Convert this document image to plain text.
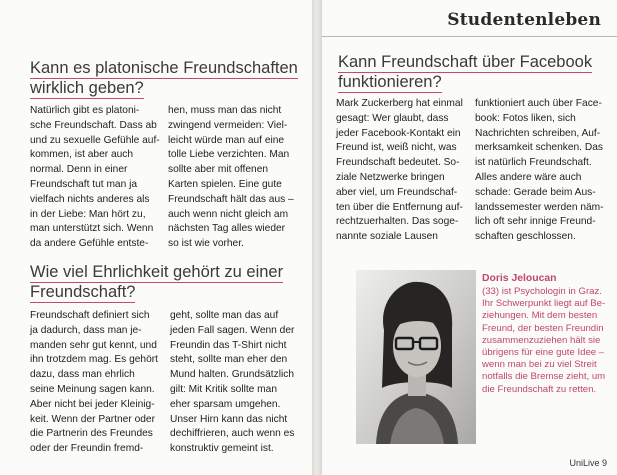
Kann es platonische Freundschaften
wirklich geben?
Natürlich gibt es platoni-
sche Freundschaft. Dass ab
und zu sexuelle Gefühle auf-
kommen, ist aber auch
normal. Denn in einer
Freundschaft tut man ja
vielfach nichts anderes als
in der Liebe: Man hört zu,
man unterstützt sich. Wenn
da andere Gefühle entste-
hen, muss man das nicht
zwingend vermeiden: Viel-
leicht würde man auf eine
tolle Liebe verzichten. Man
sollte aber mit offenen
Karten spielen. Eine gute
Freundschaft hält das aus –
auch wenn nicht gleich am
nächsten Tag alles wieder
so ist wie vorher.
Wie viel Ehrlichkeit gehört zu einer
Freundschaft?
Freundschaft definiert sich
ja dadurch, dass man je-
manden sehr gut kennt, und
ihn trotzdem mag. Es gehört
dazu, dass man ehrlich
seine Meinung sagen kann.
Aber nicht bei jeder Kleinig-
keit. Wenn der Partner oder
die Partnerin des Freundes
oder der Freundin fremd-
geht, sollte man das auf
jeden Fall sagen. Wenn der
Freundin das T-Shirt nicht
steht, sollte man eher den
Mund halten. Grundsätzlich
gilt: Mit Kritik sollte man
eher sparsam umgehen.
Unser Hirn kann das nicht
dechiffrieren, auch wenn es
konstruktiv gemeint ist.
Studentenleben
Kann Freundschaft über Facebook
funktionieren?
Mark Zuckerberg hat einmal
gesagt: Wer glaubt, dass
jeder Facebook-Kontakt ein
Freund ist, weiß nicht, was
Freundschaft bedeutet. So-
ziale Netzwerke bringen
aber viel, um Freundschaf-
ten über die Entfernung auf-
rechtzuerhalten. Das soge-
nannte soziale Lausen
funktioniert auch über Face-
book: Fotos liken, sich
Nachrichten schreiben, Auf-
merksamkeit schenken. Das
ist natürlich Freundschaft.
Alles andere wäre auch
schade: Gerade beim Aus-
landssemester werden näm-
lich oft sehr innige Freund-
schaften geschlossen.
Doris Jeloucan
(33) ist Psychologin in Graz.
Ihr Schwerpunkt liegt auf Be-
ziehungen. Mit dem besten
Freund, der besten Freundin
zusammenzuziehen hält sie
übrigens für eine gute Idee –
wenn man bei zu viel Streit
notfalls die Bremse zieht, um
die Freundschaft zu retten.
UniLive 9
